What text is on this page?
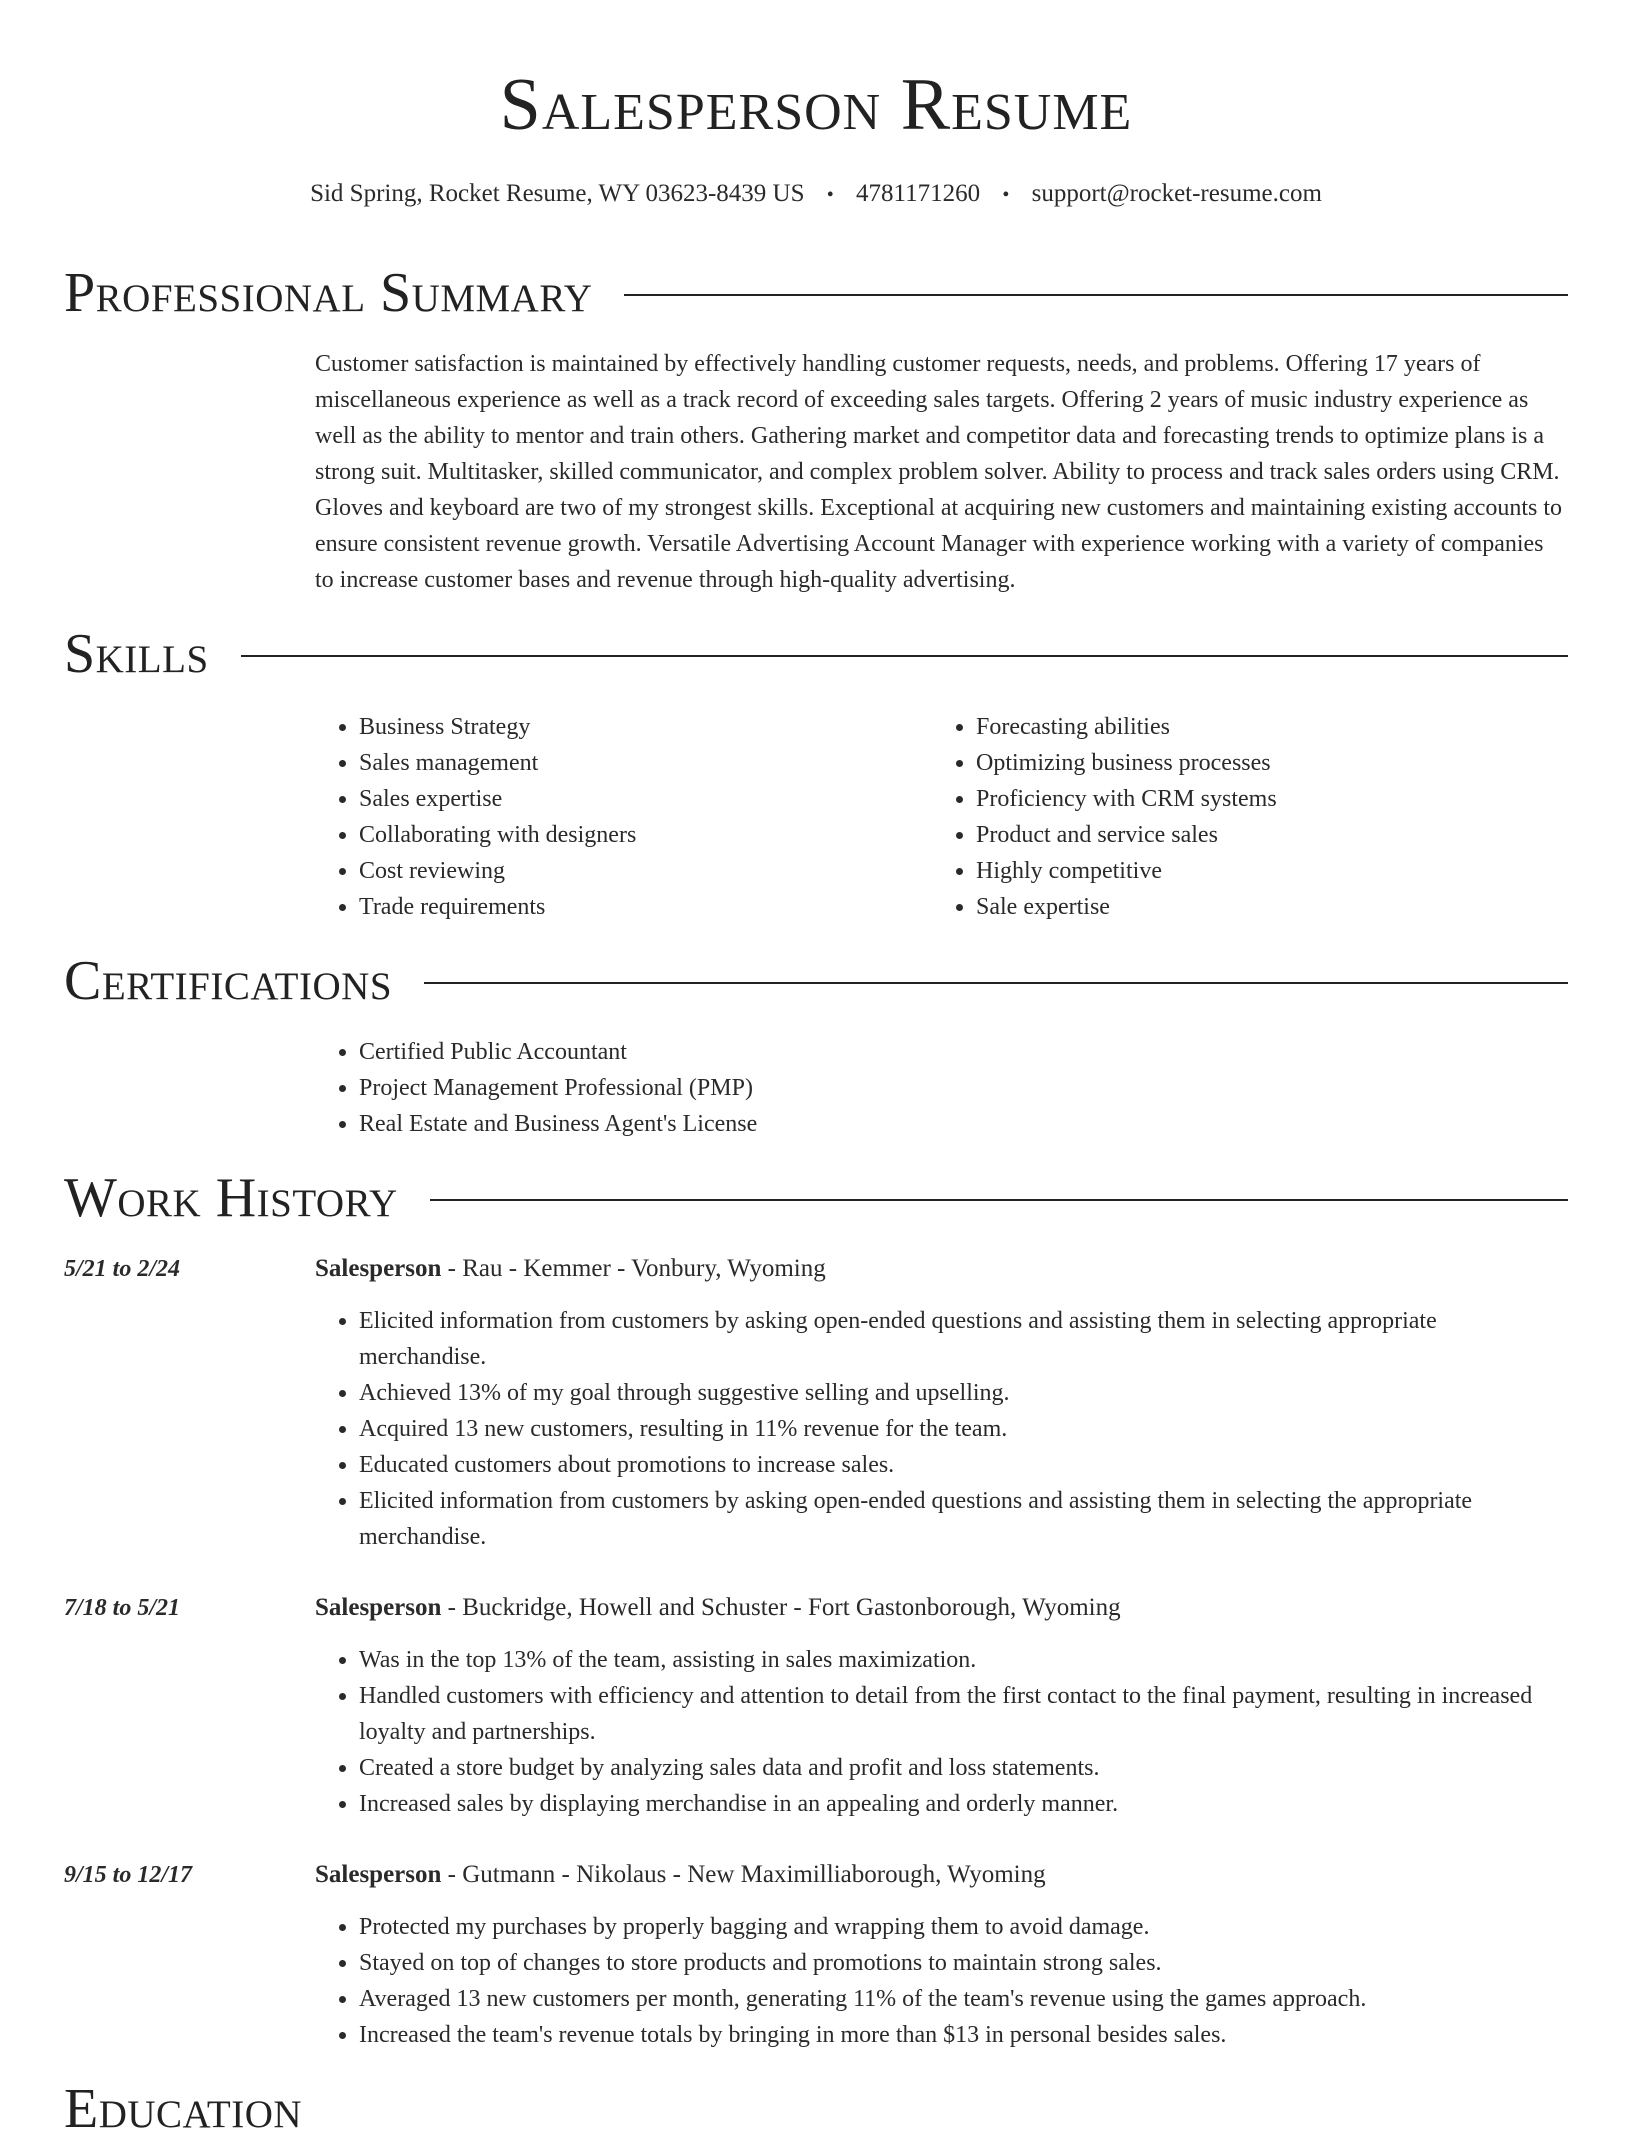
Salesperson Resume
Sid Spring, Rocket Resume, WY 03623-8439 US • 4781171260 • support@rocket-resume.com
Professional Summary
Customer satisfaction is maintained by effectively handling customer requests, needs, and problems. Offering 17 years of miscellaneous experience as well as a track record of exceeding sales targets. Offering 2 years of music industry experience as well as the ability to mentor and train others. Gathering market and competitor data and forecasting trends to optimize plans is a strong suit. Multitasker, skilled communicator, and complex problem solver. Ability to process and track sales orders using CRM. Gloves and keyboard are two of my strongest skills. Exceptional at acquiring new customers and maintaining existing accounts to ensure consistent revenue growth. Versatile Advertising Account Manager with experience working with a variety of companies to increase customer bases and revenue through high-quality advertising.
Skills
• Business Strategy
• Sales management
• Sales expertise
• Collaborating with designers
• Cost reviewing
• Trade requirements
• Forecasting abilities
• Optimizing business processes
• Proficiency with CRM systems
• Product and service sales
• Highly competitive
• Sale expertise
Certifications
• Certified Public Accountant
• Project Management Professional (PMP)
• Real Estate and Business Agent's License
Work History
5/21 to 2/24	Salesperson - Rau - Kemmer - Vonbury, Wyoming
• Elicited information from customers by asking open-ended questions and assisting them in selecting appropriate merchandise.
• Achieved 13% of my goal through suggestive selling and upselling.
• Acquired 13 new customers, resulting in 11% revenue for the team.
• Educated customers about promotions to increase sales.
• Elicited information from customers by asking open-ended questions and assisting them in selecting the appropriate merchandise.
7/18 to 5/21	Salesperson - Buckridge, Howell and Schuster - Fort Gastonborough, Wyoming
• Was in the top 13% of the team, assisting in sales maximization.
• Handled customers with efficiency and attention to detail from the first contact to the final payment, resulting in increased loyalty and partnerships.
• Created a store budget by analyzing sales data and profit and loss statements.
• Increased sales by displaying merchandise in an appealing and orderly manner.
9/15 to 12/17	Salesperson - Gutmann - Nikolaus - New Maximilliaborough, Wyoming
• Protected my purchases by properly bagging and wrapping them to avoid damage.
• Stayed on top of changes to store products and promotions to maintain strong sales.
• Averaged 13 new customers per month, generating 11% of the team's revenue using the games approach.
• Increased the team's revenue totals by bringing in more than $13 in personal besides sales.
Education
